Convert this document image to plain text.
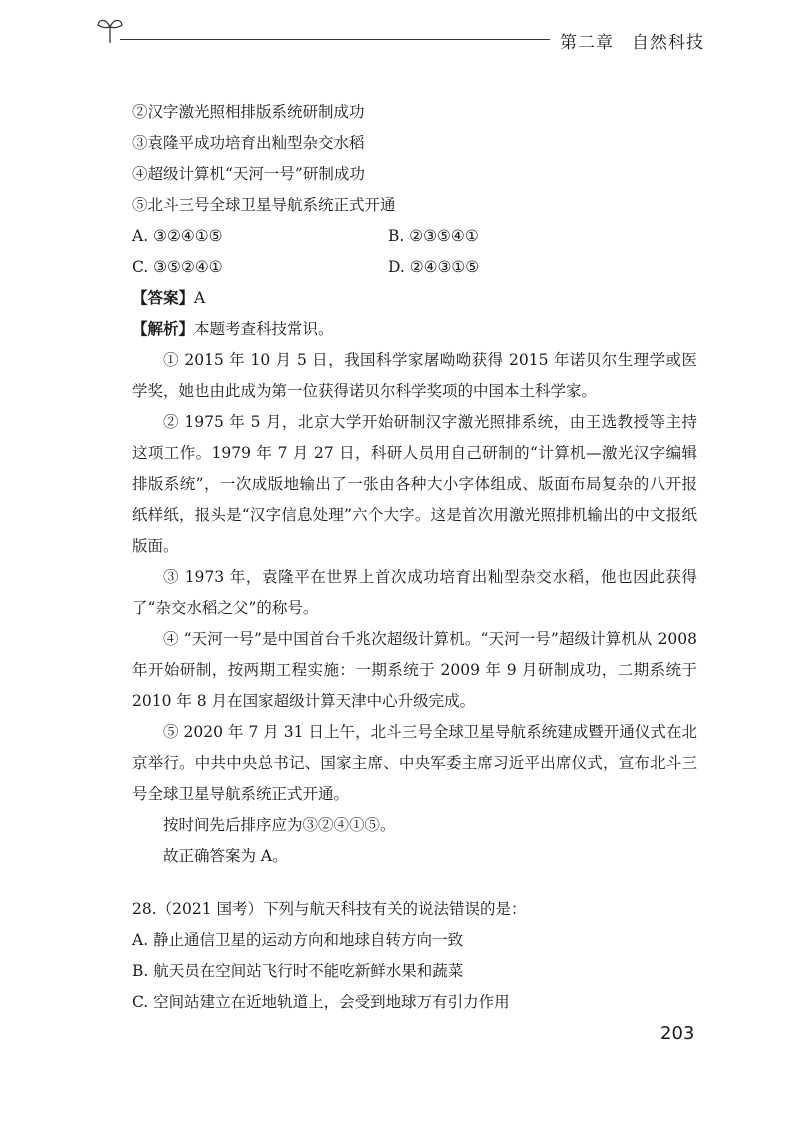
第二章　自然科技
②汉字激光照相排版系统研制成功
③袁隆平成功培育出籼型杂交水稻
④超级计算机“天河一号”研制成功
⑤北斗三号全球卫星导航系统正式开通
A. ③②④①⑤	B. ②③⑤④①
C. ③⑤②④①	D. ②④③①⑤
【答案】A
【解析】本题考查科技常识。

① 2015 年 10 月 5 日，我国科学家屠呦呦获得 2015 年诺贝尔生理学或医学奖，她也由此成为第一位获得诺贝尔科学奖项的中国本土科学家。

② 1975 年 5 月，北京大学开始研制汉字激光照排系统，由王选教授等主持这项工作。1979 年 7 月 27 日，科研人员用自己研制的“计算机—激光汉字编辑排版系统”，一次成版地输出了一张由各种大小字体组成、版面布局复杂的八开报纸样纸，报头是“汉字信息处理”六个大字。这是首次用激光照排机输出的中文报纸版面。

③ 1973 年，袁隆平在世界上首次成功培育出籼型杂交水稻，他也因此获得了“杂交水稻之父”的称号。

④ “天河一号”是中国首台千兆次超级计算机。“天河一号”超级计算机从 2008 年开始研制，按两期工程实施：一期系统于 2009 年 9 月研制成功，二期系统于 2010 年 8 月在国家超级计算天津中心升级完成。

⑤ 2020 年 7 月 31 日上午，北斗三号全球卫星导航系统建成暨开通仪式在北京举行。中共中央总书记、国家主席、中央军委主席习近平出席仪式，宣布北斗三号全球卫星导航系统正式开通。

按时间先后排序应为③②④①⑤。
故正确答案为 A。
28.（2021 国考）下列与航天科技有关的说法错误的是：
A. 静止通信卫星的运动方向和地球自转方向一致
B. 航天员在空间站飞行时不能吃新鲜水果和蔬菜
C. 空间站建立在近地轨道上，会受到地球万有引力作用
203
